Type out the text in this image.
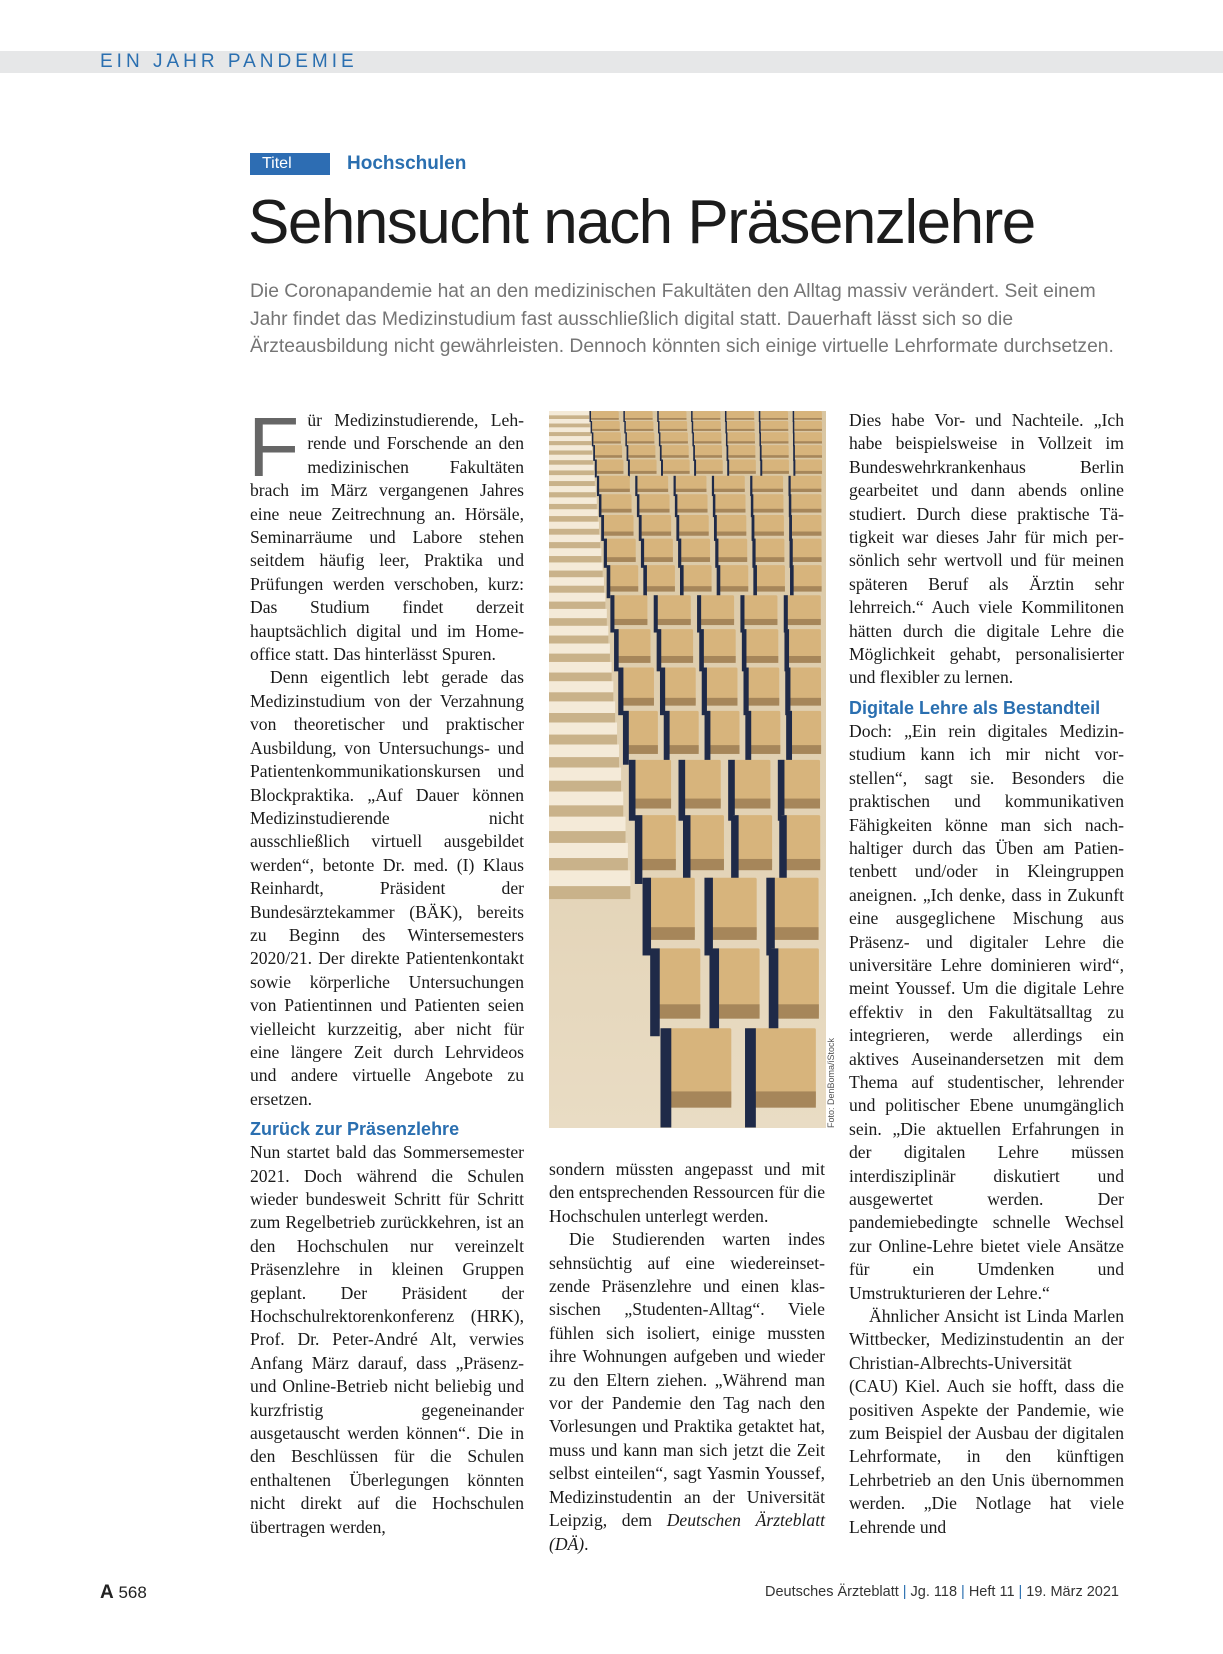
EIN JAHR PANDEMIE
Titel	Hochschulen
Sehnsucht nach Präsenzlehre
Die Coronapandemie hat an den medizinischen Fakultäten den Alltag massiv verändert. Seit einem Jahr findet das Medizinstudium fast ausschließlich digital statt. Dauerhaft lässt sich so die Ärzteausbildung nicht gewährleisten. Dennoch könnten sich einige virtuelle Lehrformate durchsetzen.
F ür Medizinstudierende, Lehrende und Forschende an den medizinischen Fakultäten brach im März vergangenen Jahres eine neue Zeitrechnung an. Hörsäle, Seminarräume und Labore stehen seitdem häufig leer, Praktika und Prüfungen werden verschoben, kurz: Das Studium findet derzeit hauptsächlich digital und im Homeoffice statt. Das hinterlässt Spuren.

Denn eigentlich lebt gerade das Medizinstudium von der Verzahnung von theoretischer und praktischer Ausbildung, von Untersuchungs- und Patientenkommunikationskursen und Blockpraktika. „Auf Dauer können Medizinstudierende nicht ausschließlich virtuell ausgebildet werden“, betonte Dr. med. (I) Klaus Reinhardt, Präsident der Bundesärztekammer (BÄK), bereits zu Beginn des Wintersemesters 2020/21. Der direkte Patientenkontakt sowie körperliche Untersuchungen von Patientinnen und Patienten seien vielleicht kurzzeitig, aber nicht für eine längere Zeit durch Lehrvideos und andere virtuelle Angebote zu ersetzen.

Zurück zur Präsenzlehre

Nun startet bald das Sommersemester 2021. Doch während die Schulen wieder bundesweit Schritt für Schritt zum Regelbetrieb zurückkehren, ist an den Hochschulen nur vereinzelt Präsenzlehre in kleinen Gruppen geplant. Der Präsident der Hochschulrektorenkonferenz (HRK), Prof. Dr. Peter-André Alt, verwies Anfang März darauf, dass „Präsenz- und Online-Betrieb nicht beliebig und kurzfristig gegeneinander ausgetauscht werden können“. Die in den Beschlüssen für die Schulen enthaltenen Überlegungen könnten nicht direkt auf die Hochschulen übertragen werden,

Foto: DenBoma/iStock

sondern müssten angepasst und mit den entsprechenden Ressourcen für die Hochschulen unterlegt werden.

Die Studierenden warten indes sehnsüchtig auf eine wiedereinsetzende Präsenzlehre und einen klassischen „Studenten-Alltag“. Viele fühlen sich isoliert, einige mussten ihre Wohnungen aufgeben und wieder zu den Eltern ziehen. „Während man vor der Pandemie den Tag nach den Vorlesungen und Praktika getaktet hat, muss und kann man sich jetzt die Zeit selbst einteilen“, sagt Yasmin Youssef, Medizinstudentin an der Universität Leipzig, dem Deutschen Ärzteblatt (DÄ).

Dies habe Vor- und Nachteile. „Ich habe beispielsweise in Vollzeit im Bundeswehrkrankenhaus Berlin gearbeitet und dann abends online studiert. Durch diese praktische Tätigkeit war dieses Jahr für mich persönlich sehr wertvoll und für meinen späteren Beruf als Ärztin sehr lehrreich.“ Auch viele Kommilitonen hätten durch die digitale Lehre die Möglichkeit gehabt, personalisierter und flexibler zu lernen.

Digitale Lehre als Bestandteil

Doch: „Ein rein digitales Medizinstudium kann ich mir nicht vorstellen“, sagt sie. Besonders die praktischen und kommunikativen Fähigkeiten könne man sich nachhaltiger durch das Üben am Patientenbett und/oder in Kleingruppen aneignen. „Ich denke, dass in Zukunft eine ausgeglichene Mischung aus Präsenz- und digitaler Lehre die universitäre Lehre dominieren wird“, meint Youssef. Um die digitale Lehre effektiv in den Fakultätsalltag zu integrieren, werde allerdings ein aktives Auseinandersetzen mit dem Thema auf studentischer, lehrender und politischer Ebene unumgänglich sein. „Die aktuellen Erfahrungen in der digitalen Lehre müssen interdisziplinär diskutiert und ausgewertet werden. Der pandemiebedingte schnelle Wechsel zur Online-Lehre bietet viele Ansätze für ein Umdenken und Umstrukturieren der Lehre.“

Ähnlicher Ansicht ist Linda Marlen Wittbecker, Medizinstudentin an der Christian-Albrechts-Universität (CAU) Kiel. Auch sie hofft, dass die positiven Aspekte der Pandemie, wie zum Beispiel der Ausbau der digitalen Lehrformate, in den künftigen Lehrbetrieb an den Unis übernommen werden. „Die Notlage hat viele Lehrende und

A 568	Deutsches Ärzteblatt | Jg. 118 | Heft 11 | 19. März 2021
